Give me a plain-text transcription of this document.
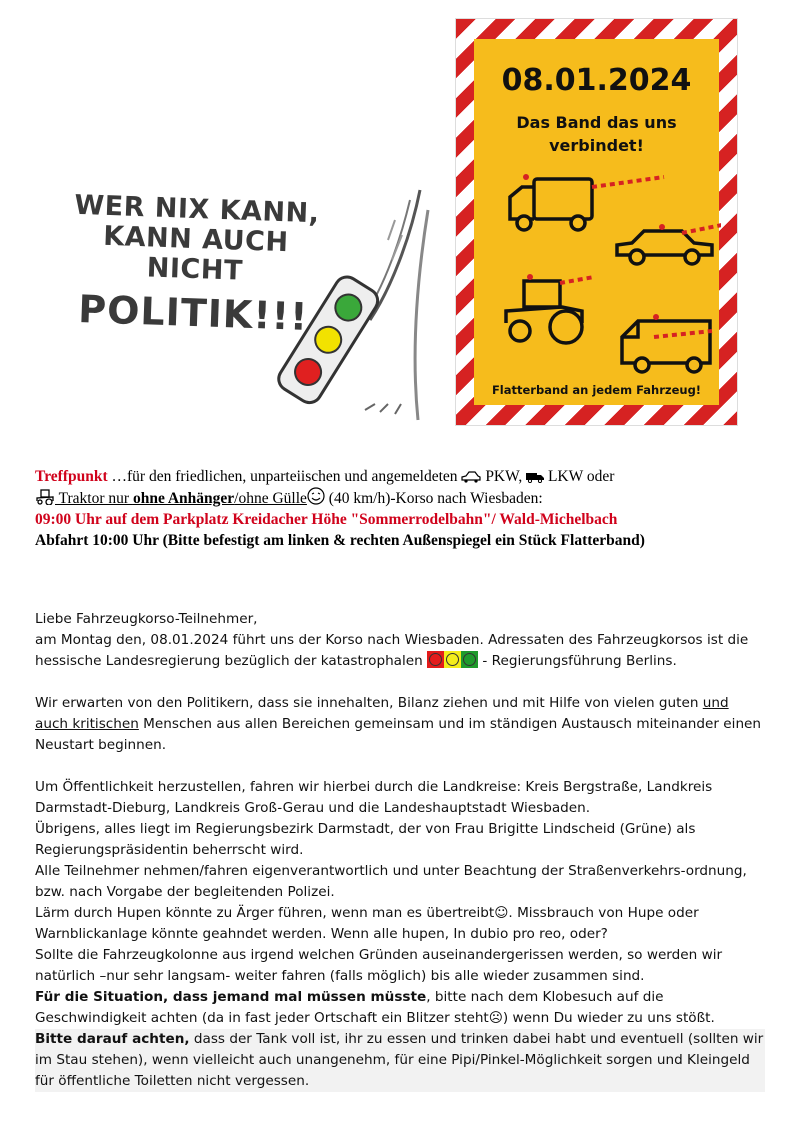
WER NIX KANN,
KANN AUCH NICHT
POLITIK!!!
08.01.2024
Das Band das uns
verbindet!
Flatterband an jedem Fahrzeug!
Treffpunkt …für den friedlichen, unparteiischen und angemeldeten  PKW,  LKW oder
Traktor nur ohne Anhänger/ohne Gülle (40 km/h)-Korso nach Wiesbaden:
09:00 Uhr auf dem Parkplatz Kreidacher Höhe "Sommerrodelbahn"/ Wald-Michelbach
Abfahrt 10:00 Uhr (Bitte befestigt am linken & rechten Außenspiegel ein Stück Flatterband)
Liebe Fahrzeugkorso-Teilnehmer,

am Montag den, 08.01.2024 führt uns der Korso nach Wiesbaden. Adressaten des Fahrzeugkorsos ist die hessische Landesregierung bezüglich der katastrophalen	- Regierungsführung Berlins.

Wir erwarten von den Politikern, dass sie innehalten, Bilanz ziehen und mit Hilfe von vielen guten und auch kritischen Menschen aus allen Bereichen gemeinsam und im ständigen Austausch miteinander einen Neustart beginnen.

Um Öffentlichkeit herzustellen, fahren wir hierbei durch die Landkreise: Kreis Bergstraße, Landkreis Darmstadt-Dieburg, Landkreis Groß-Gerau und die Landeshauptstadt Wiesbaden.
Übrigens, alles liegt im Regierungsbezirk Darmstadt, der von Frau Brigitte Lindscheid (Grüne) als Regierungspräsidentin beherrscht wird.
Alle Teilnehmer nehmen/fahren eigenverantwortlich und unter Beachtung der Straßenverkehrs-ordnung, bzw. nach Vorgabe der begleitenden Polizei.
Lärm durch Hupen könnte zu Ärger führen, wenn man es übertreibt☺. Missbrauch von Hupe oder Warnblickanlage könnte geahndet werden. Wenn alle hupen, In dubio pro reo, oder?
Sollte die Fahrzeugkolonne aus irgend welchen Gründen auseinandergerissen werden, so werden wir natürlich –nur sehr langsam- weiter fahren (falls möglich) bis alle wieder zusammen sind.
Für die Situation, dass jemand mal müssen müsste, bitte nach dem Klobesuch auf die Geschwindigkeit achten (da in fast jeder Ortschaft ein Blitzer steht☹) wenn Du wieder zu uns stößt.
Bitte darauf achten, dass der Tank voll ist, ihr zu essen und trinken dabei habt und eventuell (sollten wir im Stau stehen), wenn vielleicht auch unangenehm, für eine Pipi/Pinkel-Möglichkeit sorgen und Kleingeld für öffentliche Toiletten nicht vergessen.
